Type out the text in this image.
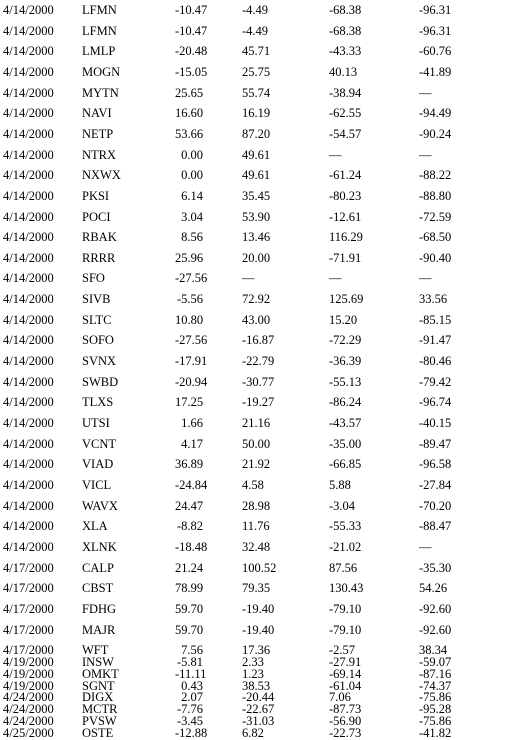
4/14/2000 LFMN	-10.47	-4.49	-68.38	-96.31
4/14/2000 LFMN	-10.47	-4.49	-68.38	-96.31
4/14/2000 LMLP	-20.48	45.71	-43.33	-60.76
4/14/2000 MOGN	-15.05	25.75	40.13	-41.89
4/14/2000 MYTN	25.65	55.74	-38.94	—
4/14/2000 NAVI	16.60	16.19	-62.55	-94.49
4/14/2000 NETP	53.66	87.20	-54.57	-90.24
4/14/2000 NTRX	0.00	49.61	—	—
4/14/2000 NXWX	0.00	49.61	-61.24	-88.22
4/14/2000 PKSI	6.14	35.45	-80.23	-88.80
4/14/2000 POCI	3.04	53.90	-12.61	-72.59
4/14/2000 RBAK	8.56	13.46	116.29	-68.50
4/14/2000 RRRR	25.96	20.00	-71.91	-90.40
4/14/2000 SFO	-27.56	—	—	—
4/14/2000 SIVB	-5.56	72.92	125.69	33.56
4/14/2000 SLTC	10.80	43.00	15.20	-85.15
4/14/2000 SOFO	-27.56	-16.87	-72.29	-91.47
4/14/2000 SVNX	-17.91	-22.79	-36.39	-80.46
4/14/2000 SWBD	-20.94	-30.77	-55.13	-79.42
4/14/2000 TLXS	17.25	-19.27	-86.24	-96.74
4/14/2000 UTSI	1.66	21.16	-43.57	-40.15
4/14/2000 VCNT	4.17	50.00	-35.00	-89.47
4/14/2000 VIAD	36.89	21.92	-66.85	-96.58
4/14/2000 VICL	-24.84	4.58	5.88	-27.84
4/14/2000 WAVX	24.47	28.98	-3.04	-70.20
4/14/2000 XLA	-8.82	11.76	-55.33	-88.47
4/14/2000 XLNK	-18.48	32.48	-21.02	—
4/17/2000 CALP	21.24	100.52	87.56	-35.30
4/17/2000 CBST	78.99	79.35	130.43	54.26
4/17/2000 FDHG	59.70	-19.40	-79.10	-92.60
4/17/2000 MAJR	59.70	-19.40	-79.10	-92.60
4/17/2000 WFT	7.56	17.36	-2.57	38.34
4/19/2000 INSW	-5.81	2.33	-27.91	-59.07
4/19/2000 OMKT	-11.11	1.23	-69.14	-87.16
4/19/2000 SGNT	0.43	38.53	-61.04	-74.37
4/24/2000 DIGX	2.07	-20.44	7.06	-75.86
4/24/2000 MCTR	-7.76	-22.67	-87.73	-95.28
4/24/2000 PVSW	-3.45	-31.03	-56.90	-75.86
4/25/2000 OSTE	-12.88	6.82	-22.73	-41.82
